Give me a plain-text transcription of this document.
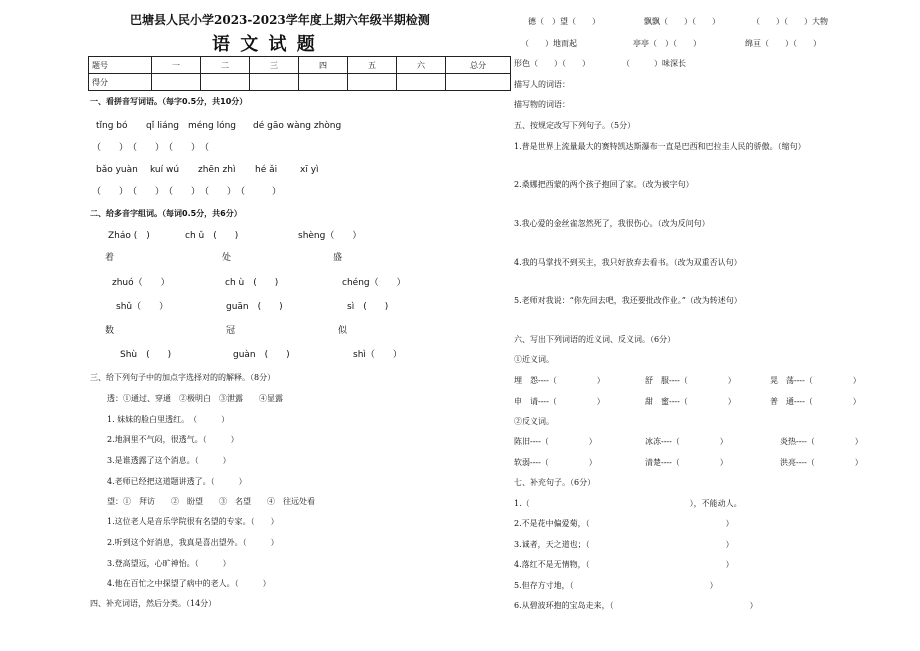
巴塘县人民小学2023-2023学年度上期六年级半期检测
语 文 试 题
题号	一	二	三	四	五	六	总分
得分							
一、看拼音写词语。（每字0.5分，共10分）
tǐng bó qǐ liáng méng lóng dé gāo wàng zhòng
（　　）　（　　）　（　　）　（
bǎo yuàn kuí wú zhēn zhì hé ǎi	xī yì
（　　）　（　　）　（　　）　（　　）　（　　　）
二、给多音字组词。（每词0.5分，共6分）
Zháo (　)	ch ǔ　(　　)	shèng（　　）
着	处	盛
zhuó（　　）	ch ù　(　　)	chéng（　　）
shǔ（　　）	guān　(　　)	sì　(　　)
数	冠	似
Shù　(　　)	guàn　(　　)	shì（　　）
三、给下列句子中的加点字选择对的的解释。（8分）
透：①通过、穿通　②极明白　③泄露　　④显露
1. 妹妹的脸白里透红。　（　　　）
2.地洞里不气闷，很透气。（　　　）
3.是谁透露了这个消息。（　　　）
4.老师已经把这道题讲透了。（　　　）
望：①　拜访　　②　盼望　　③　名望　　④　往远处看
1.这位老人是音乐学院很有名望的专家。（　　）
2.听到这个好消息，我真是喜出望外。（　　　）
3.登高望远，心旷神怡。（　　　）
4.他在百忙之中探望了病中的老人。（　　　）
四、补充词语，然后分类。（14分）
德（　）望（　　）　　　　　　飘飘（　　）（　　）　　　　　（　　）（　　）大物
（　　）地而起　　　　　　　亭亭（　）（　　）　　　　　　绵亘（　　）（　　）
形色（　　）（　　）　　　　　（　　　）味深长
描写人的词语：
描写物的词语：
五、按规定改写下列句子。（5分）
1.普是世界上流量最大的赛特凯达斯瀑布一直是巴西和巴拉圭人民的骄傲。（缩句）
2.桑娜把西蒙的两个孩子抱回了家。（改为被字句）
3.我心爱的金丝雀忽然死了，我很伤心。（改为反问句）
4.我的马掌找不到买主，我只好放弃去看书。（改为双重否认句）
5.老师对我说：“你先回去吧，我还要批改作业。”（改为转述句）
六、写出下列词语的近义词、反义词。（6分）
①近义词。
埋　怨----（　　　　　）	舒　服----（　　　　　）	晃　荡----（　　　　　）
申　请----（　　　　　）	甜　蜜----（　　　　　）	普　通----（　　　　　）
②反义词。
陈旧----（　　　　　）	冰冻----（　　　　　）	炎热----（　　　　　）
软弱----（　　　　　）	清楚----（　　　　　）	洪亮----（　　　　　）
七、补充句子。（6分）
1.（　　　　　　　　　　　　　　　　　　　　），不能动人。
2.不是花中偏爱菊，（　　　　　　　　　　　　　　　　　）
3.诚者，天之道也；（　　　　　　　　　　　　　　　　　）
4.落红不是无情物，（　　　　　　　　　　　　　　　　　）
5.但存方寸地，（　　　　　　　　　　　　　　　　　）
6.从碧波环抱的宝岛走来，（　　　　　　　　　　　　　　　　　）
